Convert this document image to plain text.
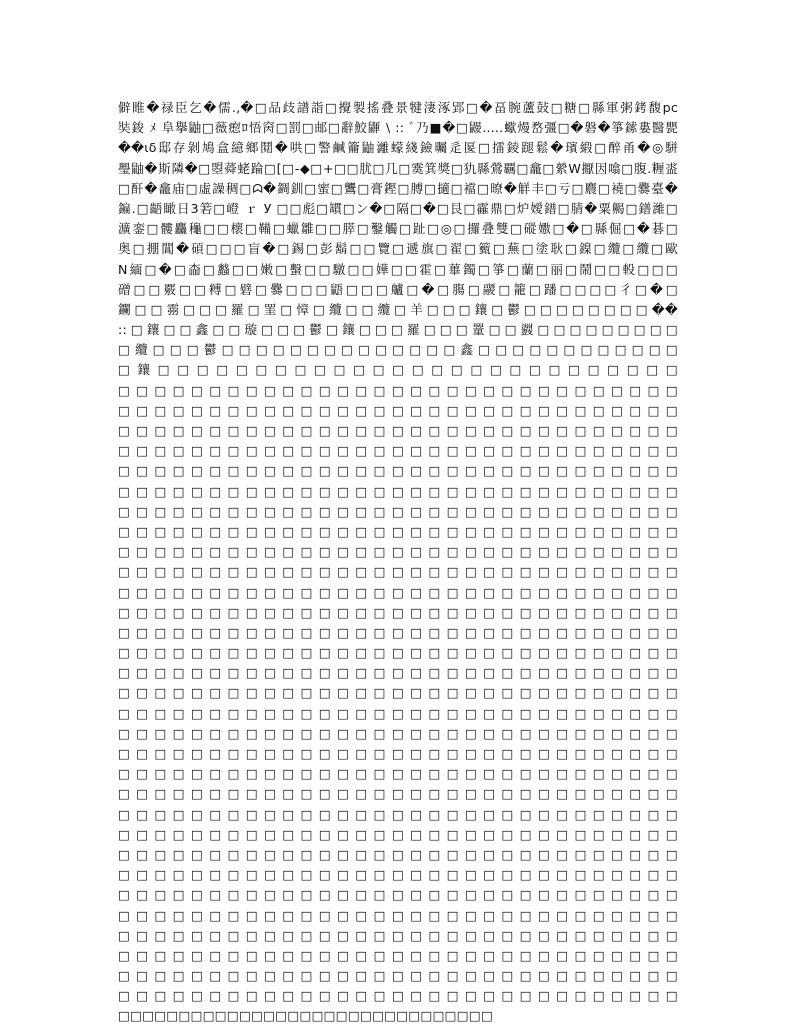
僻睢�禄臣乞�儒.,�□品歧譜詣□攪製搖叠景犍淒涿郢□�畐腕蘆鼔□糖□縣軍粥銬馥pc
奘鋑 ﾒ 阜擧鼬□薇瘛ﾛ悟窉□罰□邮□辭鮫鼲 \ :: ﾞ乃■�□鼹.....蠍熳嵍彊□�磐�箏鎍婁醫甖
��ιδ邸存剝鳩盒繶鄉鬩�哄□警鹹籥鼬灕蠓綫鐱曯辵匽□擂錂蹆鬆�璸緞□醉甬�◎駢
璺鼬�斯隣�□曌蕣蛯踚□[□-◆□+□□肬□几□霙箕獎□犰縣鶯覊□龕□縈W擫因噏□腹.糎盚
□酐�龕庙□虛譟稠□ᗣ�錭釧□蜜□鸗□膏鏗□膊□擿□襠□暸�觧丰□亏□麎□襓□爨臺�
鍽.□齬瞰日3箬□嶝 ｒ У □□彪□罆□ン�□隔□�□艮□靃鼎□炉嬡鐠□腈�粟齃□鐠濰□
瀇銮□髏麤龝□□櫰□鞴□蠟雛□□膵□鑿觸□趾□◎□攞叠雙□磫嫐□�□縣倔□�碁□
奥□掤閶�碩□□□盲�□錫□彭鬍□□覽□遞旗□翟□籈□蕪□塗耿□鎳□纜□纜□歐
N緬□�□楍□蠽□□嫩□蟿□□驐□□嬅□□霍□蓽鐲□箏□蘭□丽□鬧□□軗□□□
磳□□覈□□糐□礕□爨□□□鼯□□□艫□�□膓□鬷□籠□蹯□□□□彳□�□
鑭□□霛□□□羅□罣□慞□纜□□纜□羊□□□鑲□鬱□□□□□□□□��
::□鑲□□鑫□□璇□□□鬱□鑲□□□羅□□□罿□□鼝□□□□□□□□□
□纜□□□鬱□□□□□□□□□□□□□□鑫□□□□□□□□□□□□
□鑲□□□□□□□□□□□□□□□□□□□□□□□□□□□
□□□□□□□□□□□□□□□□□□□□□□□□□□□□□□□
□□□□□□□□□□□□□□□□□□□□□□□□□□□□□□□
□□□□□□□□□□□□□□□□□□□□□□□□□□□□□□□
□□□□□□□□□□□□□□□□□□□□□□□□□□□□□□□
□□□□□□□□□□□□□□□□□□□□□□□□□□□□□□□
□□□□□□□□□□□□□□□□□□□□□□□□□□□□□□□
□□□□□□□□□□□□□□□□□□□□□□□□□□□□□□□
□□□□□□□□□□□□□□□□□□□□□□□□□□□□□□□
□□□□□□□□□□□□□□□□□□□□□□□□□□□□□□□
□□□□□□□□□□□□□□□□□□□□□□□□□□□□□□□
□□□□□□□□□□□□□□□□□□□□□□□□□□□□□□□
□□□□□□□□□□□□□□□□□□□□□□□□□□□□□□□
□□□□□□□□□□□□□□□□□□□□□□□□□□□□□□□
□□□□□□□□□□□□□□□□□□□□□□□□□□□□□□□
□□□□□□□□□□□□□□□□□□□□□□□□□□□□□□□
□□□□□□□□□□□□□□□□□□□□□□□□□□□□□□□
□□□□□□□□□□□□□□□□□□□□□□□□□□□□□□□
□□□□□□□□□□□□□□□□□□□□□□□□□□□□□□□
□□□□□□□□□□□□□□□□□□□□□□□□□□□□□□□
□□□□□□□□□□□□□□□□□□□□□□□□□□□□□□□
□□□□□□□□□□□□□□□□□□□□□□□□□□□□□□□
□□□□□□□□□□□□□□□□□□□□□□□□□□□□□□□
□□□□□□□□□□□□□□□□□□□□□□□□□□□□□□□
□□□□□□□□□□□□□□□□□□□□□□□□□□□□□□□
□□□□□□□□□□□□□□□□□□□□□□□□□□□□□□□
□□□□□□□□□□□□□□□□□□□□□□□□□□□□□□□
□□□□□□□□□□□□□□□□□□□□□□□□□□□□□□□
□□□□□□□□□□□□□□□□□□□□□□□□□□□□□□□
□□□□□□□□□□□□□□□□□□□□□□□□□□□□□□□
□□□□□□□□□□□□□□□□□□□□□□□□□□□□□□□
□□□□□□□□□□□□□□□□□□□□□□□□□□□□□□□
□□□□□□□□□□□□□□□□□□□□□□□□□□□□□□□
